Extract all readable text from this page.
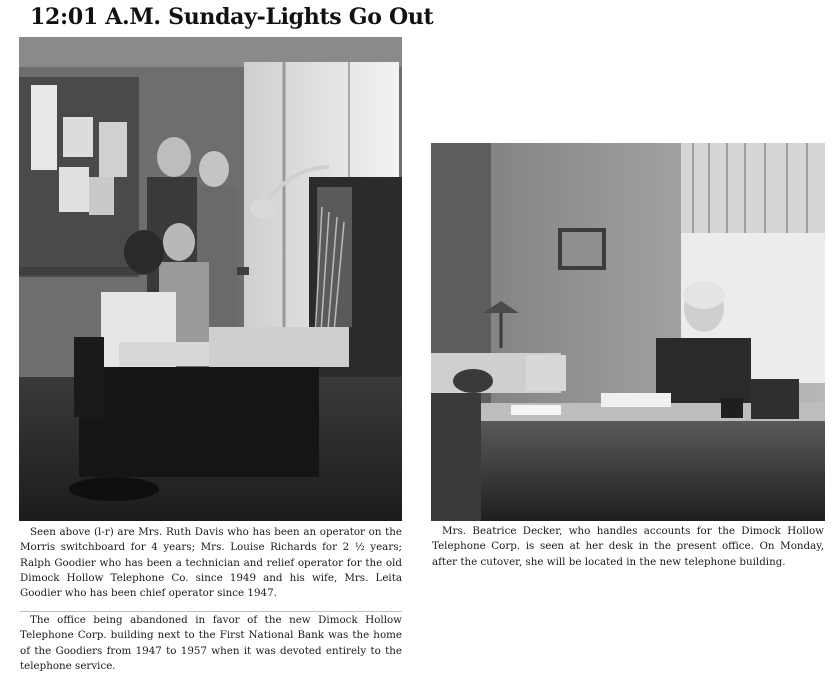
12:01 A.M. Sunday-Lights Go Out

Seen above (l-r) are Mrs. Ruth Davis who has been an operator on the Morris switchboard for 4 years; Mrs. Louise Richards for 2 ½ years; Ralph Goodier who has been a technician and relief operator for the old Dimock Hollow Telephone Co. since 1949 and his wife, Mrs. Leita Goodier who has been chief operator since 1947.

The office being abandoned in favor of the new Dimock Hollow Telephone Corp. building next to the First National Bank was the home of the Goodiers from 1947 to 1957 when it was devoted entirely to the telephone service.

Mrs. Beatrice Decker, who handles accounts for the Dimock Hollow Telephone Corp. is seen at her desk in the present office. On Monday, after the cutover, she will be located in the new telephone building.
